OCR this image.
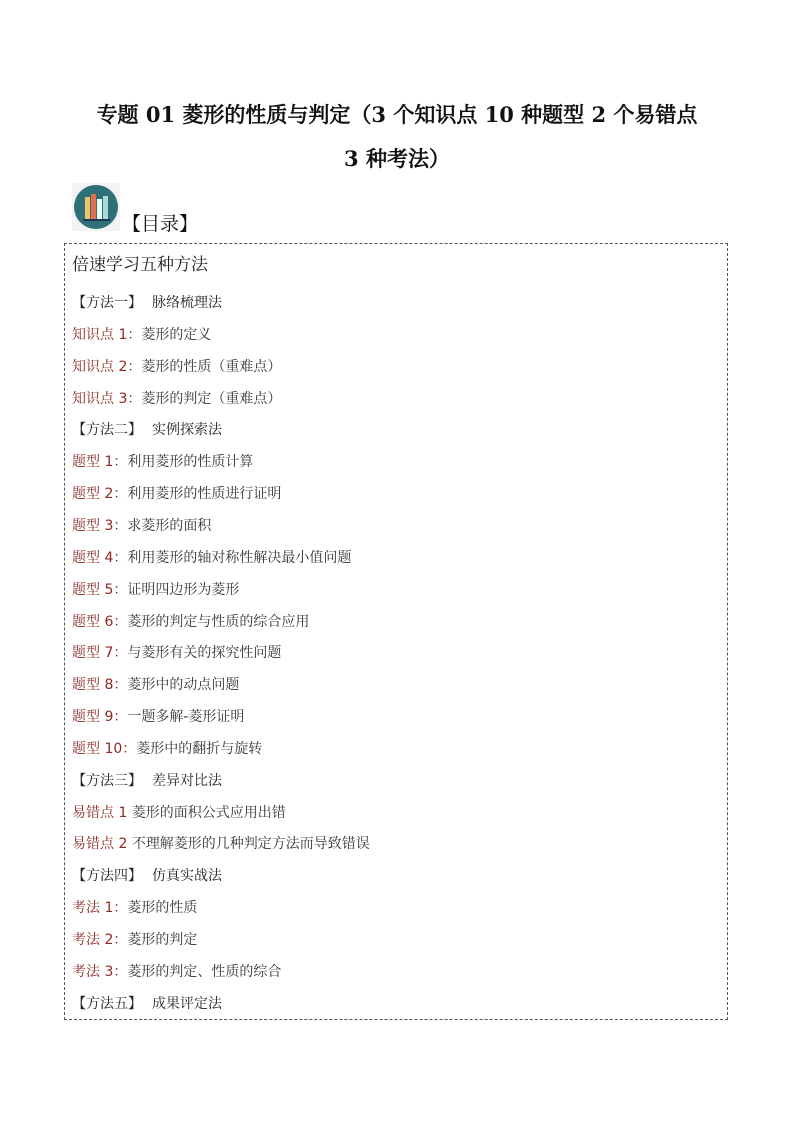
专题 01 菱形的性质与判定（3 个知识点 10 种题型 2 个易错点
3 种考法）
【目录】
倍速学习五种方法
【方法一】 脉络梳理法
知识点 1：菱形的定义
知识点 2：菱形的性质（重难点）
知识点 3：菱形的判定（重难点）
【方法二】 实例探索法
题型 1：利用菱形的性质计算
题型 2：利用菱形的性质进行证明
题型 3：求菱形的面积
题型 4：利用菱形的轴对称性解决最小值问题
题型 5：证明四边形为菱形
题型 6：菱形的判定与性质的综合应用
题型 7：与菱形有关的探究性问题
题型 8：菱形中的动点问题
题型 9：一题多解-菱形证明
题型 10：菱形中的翻折与旋转
【方法三】 差异对比法
易错点 1 菱形的面积公式应用出错
易错点 2 不理解菱形的几种判定方法而导致错误
【方法四】 仿真实战法
考法 1：菱形的性质
考法 2：菱形的判定
考法 3：菱形的判定、性质的综合
【方法五】 成果评定法
